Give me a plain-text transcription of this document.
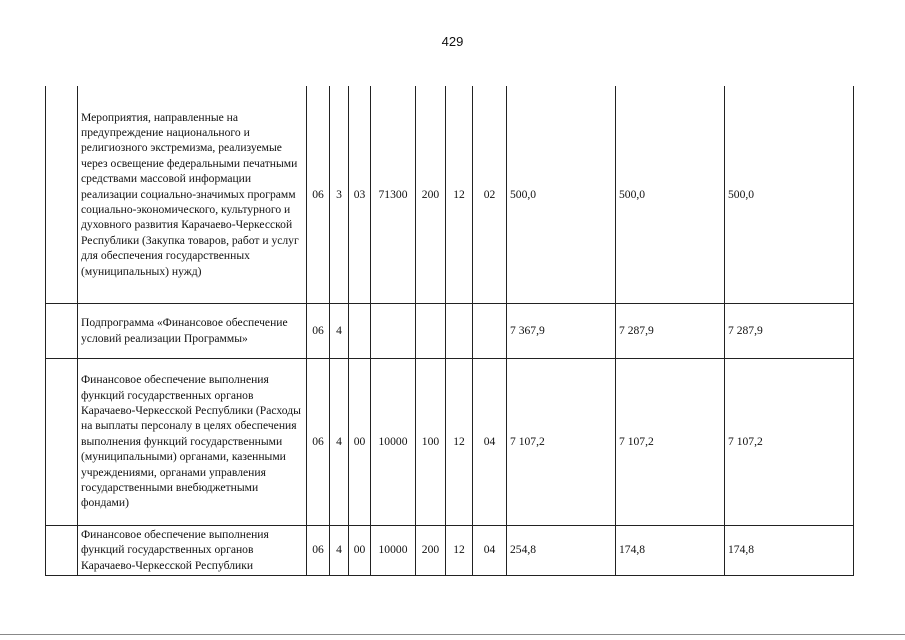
429
	Мероприятия, направленные на предупреждение национального и религиозного экстремизма, реализуемые через освещение федеральными печатными средствами массовой информации реализации социально-значимых программ социально-экономического, культурного и духовного развития Карачаево-Черкесской Республики (Закупка товаров, работ и услуг для обеспечения государственных (муниципальных) нужд)	06	3	03	71300	200	12	02	500,0	500,0	500,0
	Подпрограмма «Финансовое обеспечение условий реализации Программы»	06	4						7 367,9	7 287,9	7 287,9
	Финансовое обеспечение выполнения функций государственных органов Карачаево-Черкесской Республики (Расходы на выплаты персоналу в целях обеспечения выполнения функций государственными (муниципальными) органами, казенными учреждениями, органами управления государственными внебюджетными фондами)	06	4	00	10000	100	12	04	7 107,2	7 107,2	7 107,2
	Финансовое обеспечение выполнения функций государственных органов Карачаево-Черкесской Республики	06	4	00	10000	200	12	04	254,8	174,8	174,8
